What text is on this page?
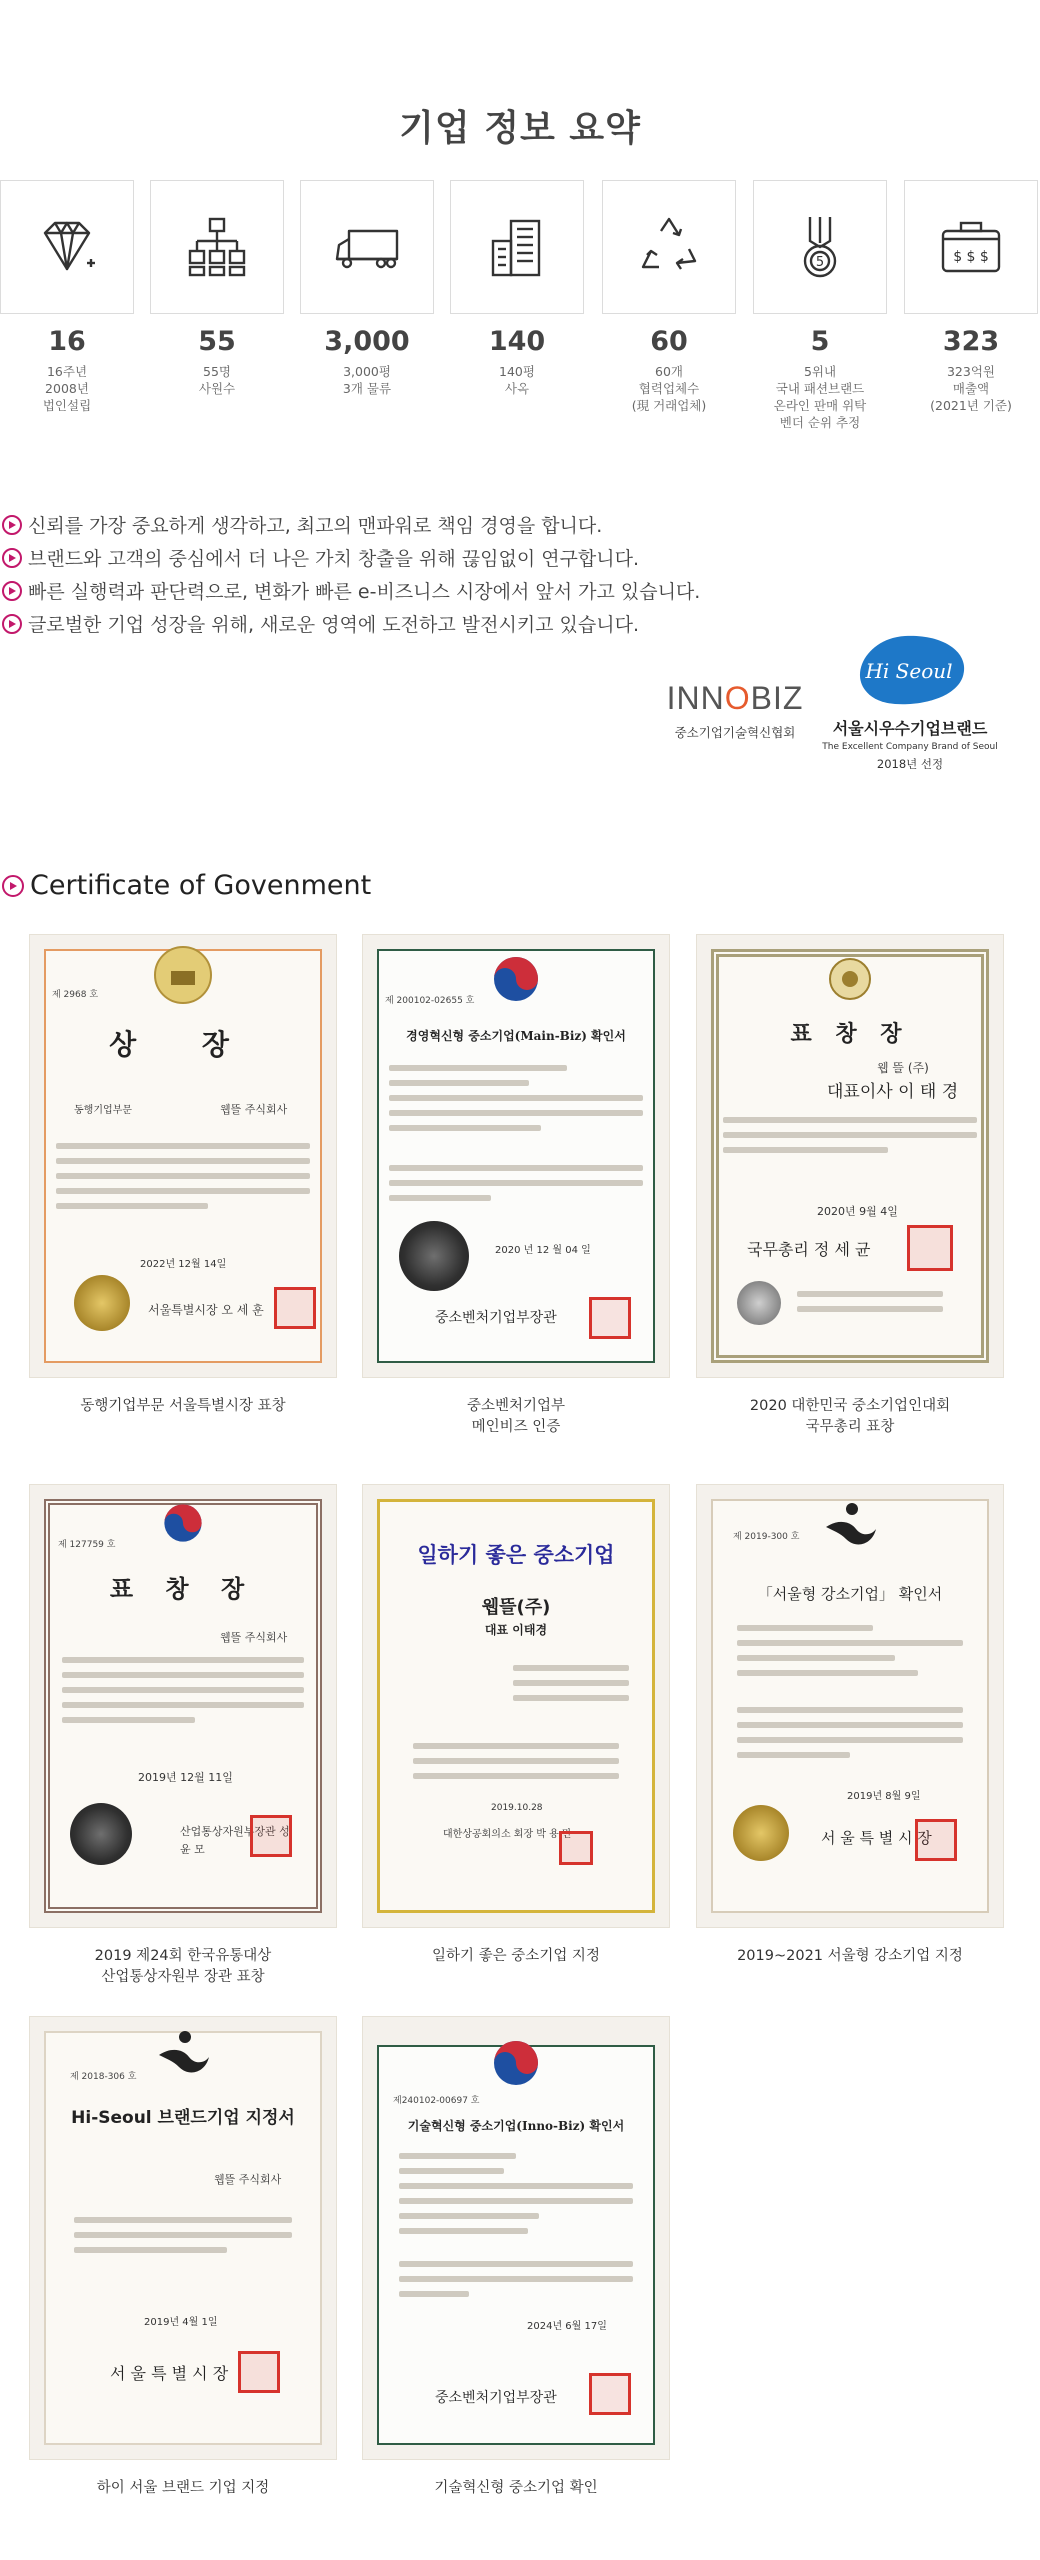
기업 정보 요약
16
16주년
2008년
법인설립
55
55명
사원수
3,000
3,000평
3개 물류
140
140평
사옥
60
60개
협력업체수
(現 거래업체)
5
5
5위내
국내 패션브랜드
온라인 판매 위탁
벤더 순위 추정
$ $ $
323
323억원
매출액
(2021년 기준)
신뢰를 가장 중요하게 생각하고, 최고의 맨파워로 책임 경영을 합니다.
브랜드와 고객의 중심에서 더 나은 가치 창출을 위해 끊임없이 연구합니다.
빠른 실행력과 판단력으로, 변화가 빠른 e-비즈니스 시장에서 앞서 가고 있습니다.
글로벌한 기업 성장을 위해, 새로운 영역에 도전하고 발전시키고 있습니다.
INNOBIZ
중소기업기술혁신협회
Hi Seoul
서울시우수기업브랜드
The Excellent Company Brand of Seoul
2018년 선정
Certificate of Govenment
제 2968 호
상 장
동행기업부문	웹뜰 주식회사
2022년 12월 14일
서울특별시장 오 세 훈
동행기업부문 서울특별시장 표창
제 200102-02655 호
경영혁신형 중소기업(Main-Biz) 확인서
2020 년 12 월 04 일
중소벤처기업부장관
중소벤처기업부
메인비즈 인증
표 창 장
웹 뜰 (주)
대표이사 이 태 경
2020년 9월 4일
국무총리 정 세 균
2020 대한민국 중소기업인대회
국무총리 표창
제 127759 호
표 창 장
웹뜰 주식회사
2019년 12월 11일
산업통상자원부장관 성 윤 모
2019 제24회 한국유통대상
산업통상자원부 장관 표창
일하기 좋은 중소기업
웹뜰(주)
대표 이태경
2019.10.28
대한상공회의소 회장 박 용 만
일하기 좋은 중소기업 지정
제 2019-300 호
「서울형 강소기업」 확인서
2019년 8월 9일
서 울 특 별 시 장
2019~2021 서울형 강소기업 지정
제 2018-306 호
Hi-Seoul 브랜드기업 지정서
웹뜰 주식회사
2019년 4월 1일
서 울 특 별 시 장
하이 서울 브랜드 기업 지정
제240102-00697 호
기술혁신형 중소기업(Inno-Biz) 확인서
2024년 6월 17일
중소벤처기업부장관
기술혁신형 중소기업 확인
